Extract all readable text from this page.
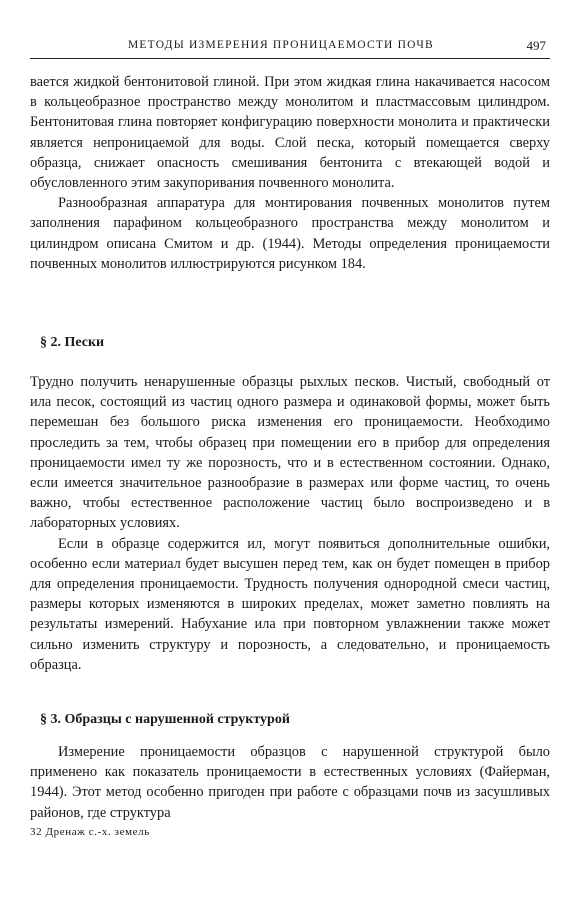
МЕТОДЫ ИЗМЕРЕНИЯ ПРОНИЦАЕМОСТИ ПОЧВ	497

вается жидкой бентонитовой глиной. При этом жидкая глина накачивается насосом в кольцеобразное пространство между монолитом и пластмассовым цилиндром. Бентонитовая глина повторяет конфигурацию поверхности монолита и практически является непроницаемой для воды. Слой песка, который помещается сверху образца, снижает опасность смешивания бентонита с втекающей водой и обусловленного этим закупоривания почвенного монолита.

Разнообразная аппаратура для монтирования почвенных монолитов путем заполнения парафином кольцеобразного пространства между монолитом и цилиндром описана Смитом и др. (1944). Методы определения проницаемости почвенных монолитов иллюстрируются рисунком 184.

§ 2. Пески

Трудно получить ненарушенные образцы рыхлых песков. Чистый, свободный от ила песок, состоящий из частиц одного размера и одинаковой формы, может быть перемешан без большого риска изменения его проницаемости. Необходимо проследить за тем, чтобы образец при помещении его в прибор для определения проницаемости имел ту же порозность, что и в естественном состоянии. Однако, если имеется значительное разнообразие в размерах или форме частиц, то очень важно, чтобы естественное расположение частиц было воспроизведено и в лабораторных условиях.

Если в образце содержится ил, могут появиться дополнительные ошибки, особенно если материал будет высушен перед тем, как он будет помещен в прибор для определения проницаемости. Трудность получения однородной смеси частиц, размеры которых изменяются в широких пределах, может заметно повлиять на результаты измерений. Набухание ила при повторном увлажнении также может сильно изменить структуру и порозность, а следовательно, и проницаемость образца.

§ 3. Образцы с нарушенной структурой

Измерение проницаемости образцов с нарушенной структурой было применено как показатель проницаемости в естественных условиях (Файерман, 1944). Этот метод особенно пригоден при работе с образцами почв из засушливых районов, где структура

32 Дренаж с.-х. земель
